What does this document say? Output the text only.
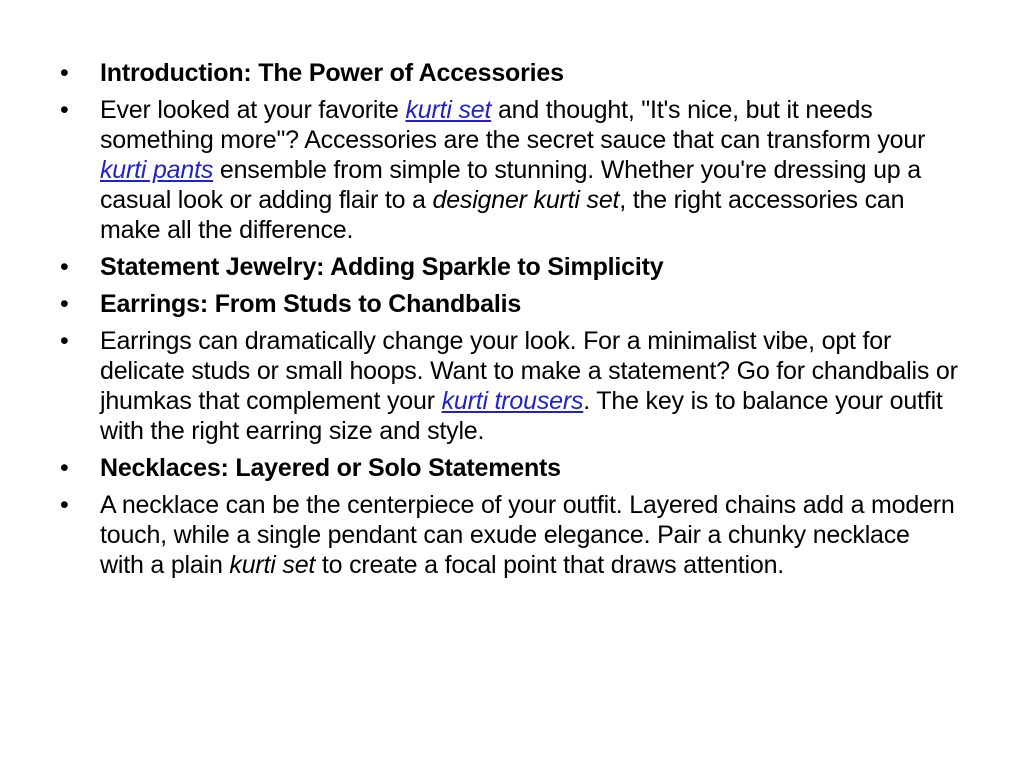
•	Introduction: The Power of Accessories
•	Ever looked at your favorite kurti set and thought, "It's nice, but it needs something more"? Accessories are the secret sauce that can transform your kurti pants ensemble from simple to stunning. Whether you're dressing up a casual look or adding flair to a designer kurti set, the right accessories can make all the difference.
•	Statement Jewelry: Adding Sparkle to Simplicity
•	Earrings: From Studs to Chandbalis
•	Earrings can dramatically change your look. For a minimalist vibe, opt for delicate studs or small hoops. Want to make a statement? Go for chandbalis or jhumkas that complement your kurti trousers. The key is to balance your outfit with the right earring size and style.
•	Necklaces: Layered or Solo Statements
•	A necklace can be the centerpiece of your outfit. Layered chains add a modern touch, while a single pendant can exude elegance. Pair a chunky necklace with a plain kurti set to create a focal point that draws attention.
